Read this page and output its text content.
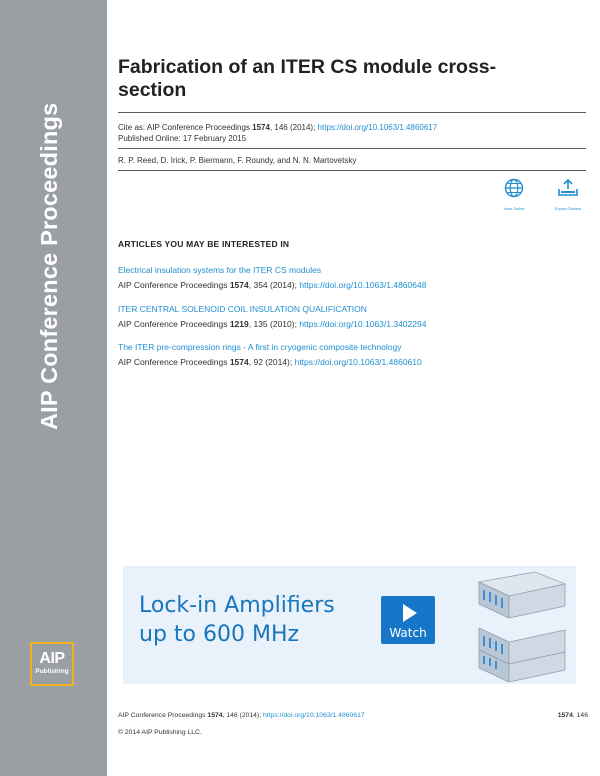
AIP Conference Proceedings
AIP
Publishing
Fabrication of an ITER CS module cross-section
Cite as: AIP Conference Proceedings 1574, 146 (2014); https://doi.org/10.1063/1.4860617
Published Online: 17 February 2015
R. P. Reed, D. Irick, P. Biermann, F. Roundy, and N. N. Martovetsky
View Online	Export Citation
ARTICLES YOU MAY BE INTERESTED IN
Electrical insulation systems for the ITER CS modules
AIP Conference Proceedings 1574, 354 (2014); https://doi.org/10.1063/1.4860648
ITER CENTRAL SOLENOID COIL INSULATION QUALIFICATION
AIP Conference Proceedings 1219, 135 (2010); https://doi.org/10.1063/1.3402294
The ITER pre-compression rings - A first in cryogenic composite technology
AIP Conference Proceedings 1574, 92 (2014); https://doi.org/10.1063/1.4860610
Lock-in Amplifiers
up to 600 MHz	Watch
AIP Conference Proceedings 1574, 146 (2014); https://doi.org/10.1063/1.4860617	1574, 146
© 2014 AIP Publishing LLC.
